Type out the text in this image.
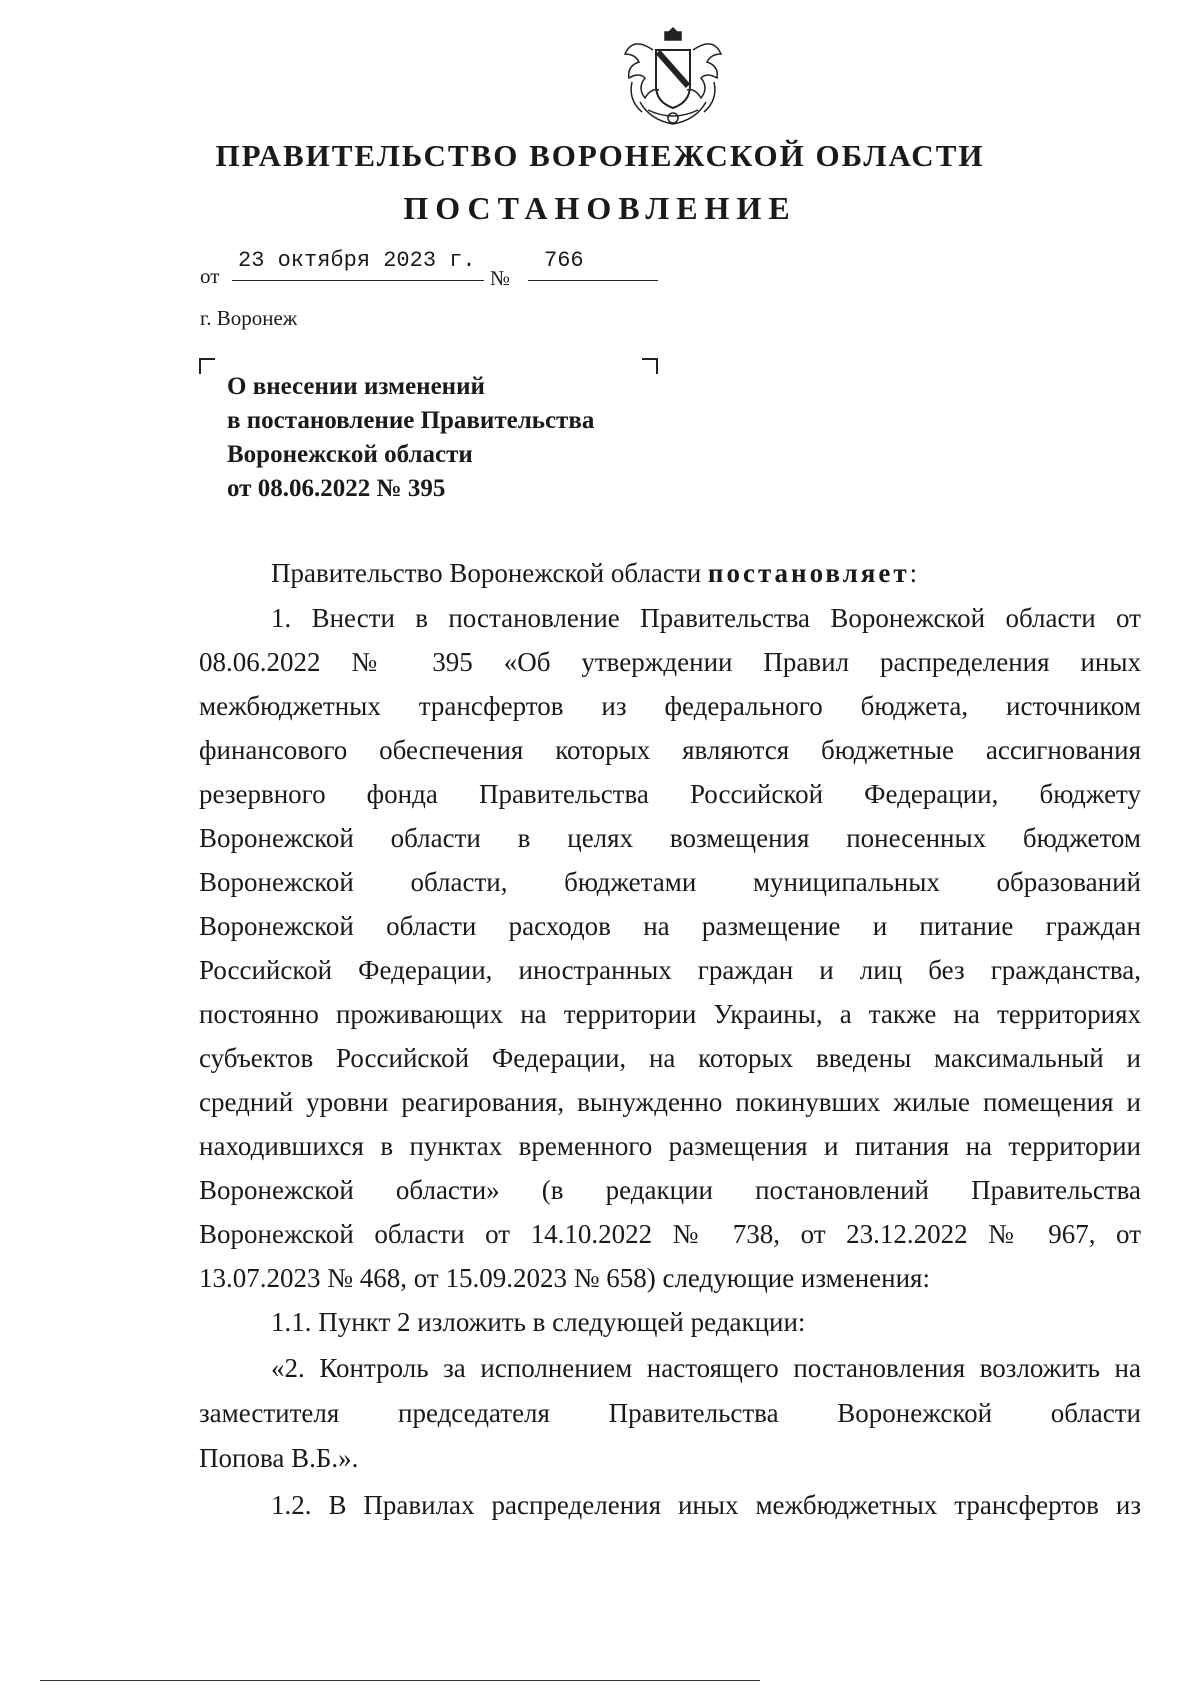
ПРАВИТЕЛЬСТВО ВОРОНЕЖСКОЙ ОБЛАСТИ
ПОСТАНОВЛЕНИЕ
от
23 октября 2023 г.
№
766
г. Воронеж
О внесении изменений
в постановление Правительства
Воронежской области
от 08.06.2022 № 395
Правительство Воронежской области постановляет:
1. Внести в постановление Правительства Воронежской области от
08.06.2022 № 395 «Об утверждении Правил распределения иных
межбюджетных трансфертов из федерального бюджета, источником
финансового обеспечения которых являются бюджетные ассигнования
резервного фонда Правительства Российской Федерации, бюджету
Воронежской области в целях возмещения понесенных бюджетом
Воронежской области, бюджетами муниципальных образований
Воронежской области расходов на размещение и питание граждан
Российской Федерации, иностранных граждан и лиц без гражданства,
постоянно проживающих на территории Украины, а также на территориях
субъектов Российской Федерации, на которых введены максимальный и
средний уровни реагирования, вынужденно покинувших жилые помещения и
находившихся в пунктах временного размещения и питания на территории
Воронежской области» (в редакции постановлений Правительства
Воронежской области от 14.10.2022 № 738, от 23.12.2022 № 967, от
13.07.2023 № 468, от 15.09.2023 № 658) следующие изменения:
1.1. Пункт 2 изложить в следующей редакции:
«2. Контроль за исполнением настоящего постановления возложить на
заместителя председателя Правительства Воронежской области
Попова В.Б.».
1.2. В Правилах распределения иных межбюджетных трансфертов из
